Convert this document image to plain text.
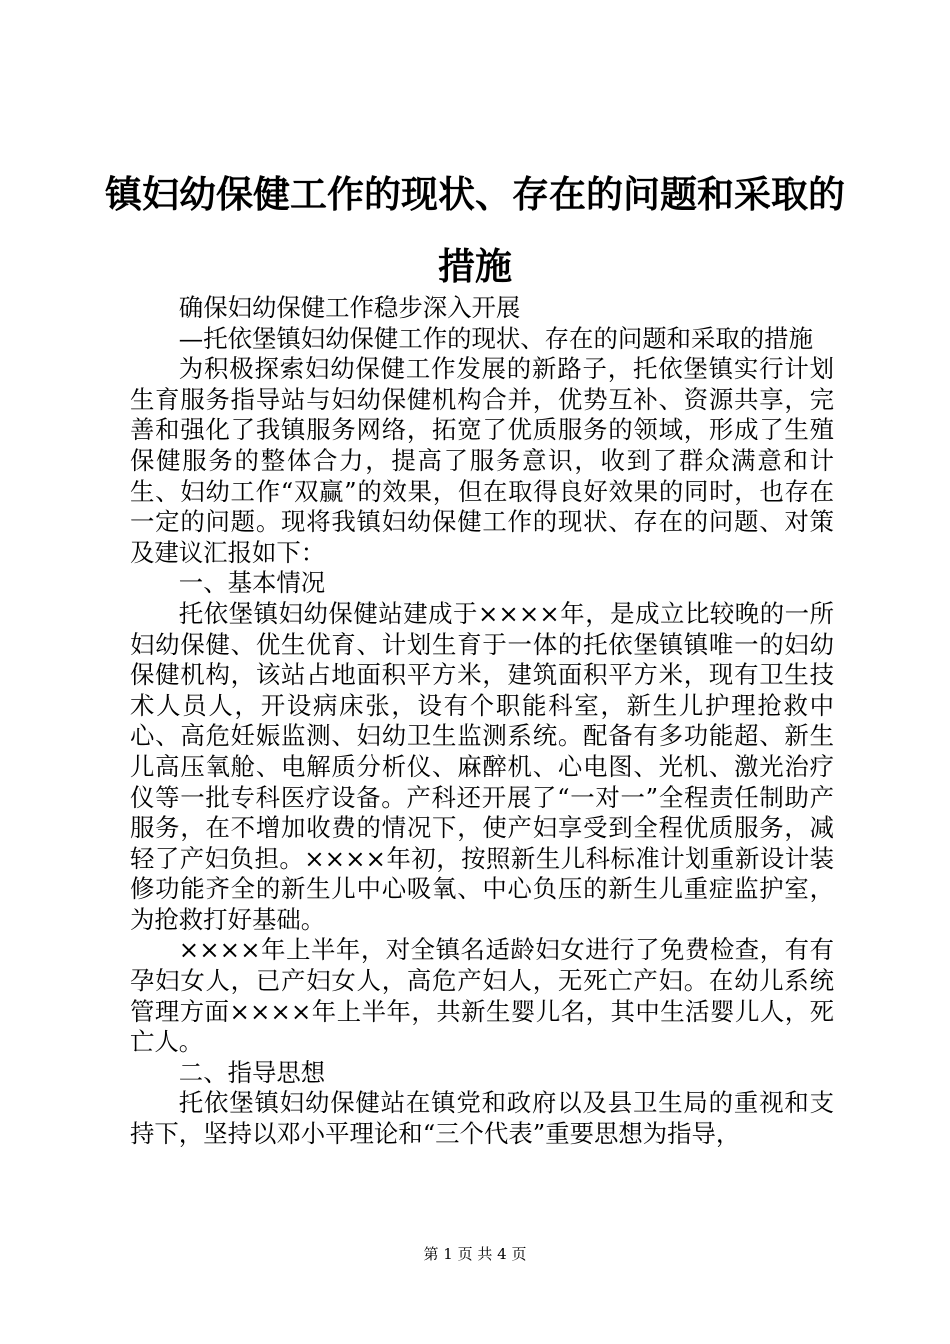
镇妇幼保健工作的现状、存在的问题和采取的措施

确保妇幼保健工作稳步深入开展

—托依堡镇妇幼保健工作的现状、存在的问题和采取的措施

为积极探索妇幼保健工作发展的新路子，托依堡镇实行计划生育服务指导站与妇幼保健机构合并，优势互补、资源共享，完善和强化了我镇服务网络，拓宽了优质服务的领域，形成了生殖保健服务的整体合力，提高了服务意识，收到了群众满意和计生、妇幼工作“双赢”的效果，但在取得良好效果的同时，也存在一定的问题。现将我镇妇幼保健工作的现状、存在的问题、对策及建议汇报如下：

一、基本情况

托依堡镇妇幼保健站建成于××××年，是成立比较晚的一所妇幼保健、优生优育、计划生育于一体的托依堡镇镇唯一的妇幼保健机构，该站占地面积平方米，建筑面积平方米，现有卫生技术人员人，开设病床张，设有个职能科室，新生儿护理抢救中心、高危妊娠监测、妇幼卫生监测系统。配备有多功能超、新生儿高压氧舱、电解质分析仪、麻醉机、心电图、光机、激光治疗仪等一批专科医疗设备。产科还开展了“一对一”全程责任制助产服务，在不增加收费的情况下，使产妇享受到全程优质服务，减轻了产妇负担。××××年初，按照新生儿科标准计划重新设计装修功能齐全的新生儿中心吸氧、中心负压的新生儿重症监护室，为抢救打好基础。

××××年上半年，对全镇名适龄妇女进行了免费检查，有有孕妇女人，已产妇女人，高危产妇人，无死亡产妇。在幼儿系统管理方面××××年上半年，共新生婴儿名，其中生活婴儿人，死亡人。

二、指导思想

托依堡镇妇幼保健站在镇党和政府以及县卫生局的重视和支持下，坚持以邓小平理论和“三个代表”重要思想为指导，

第 1 页 共 4 页
